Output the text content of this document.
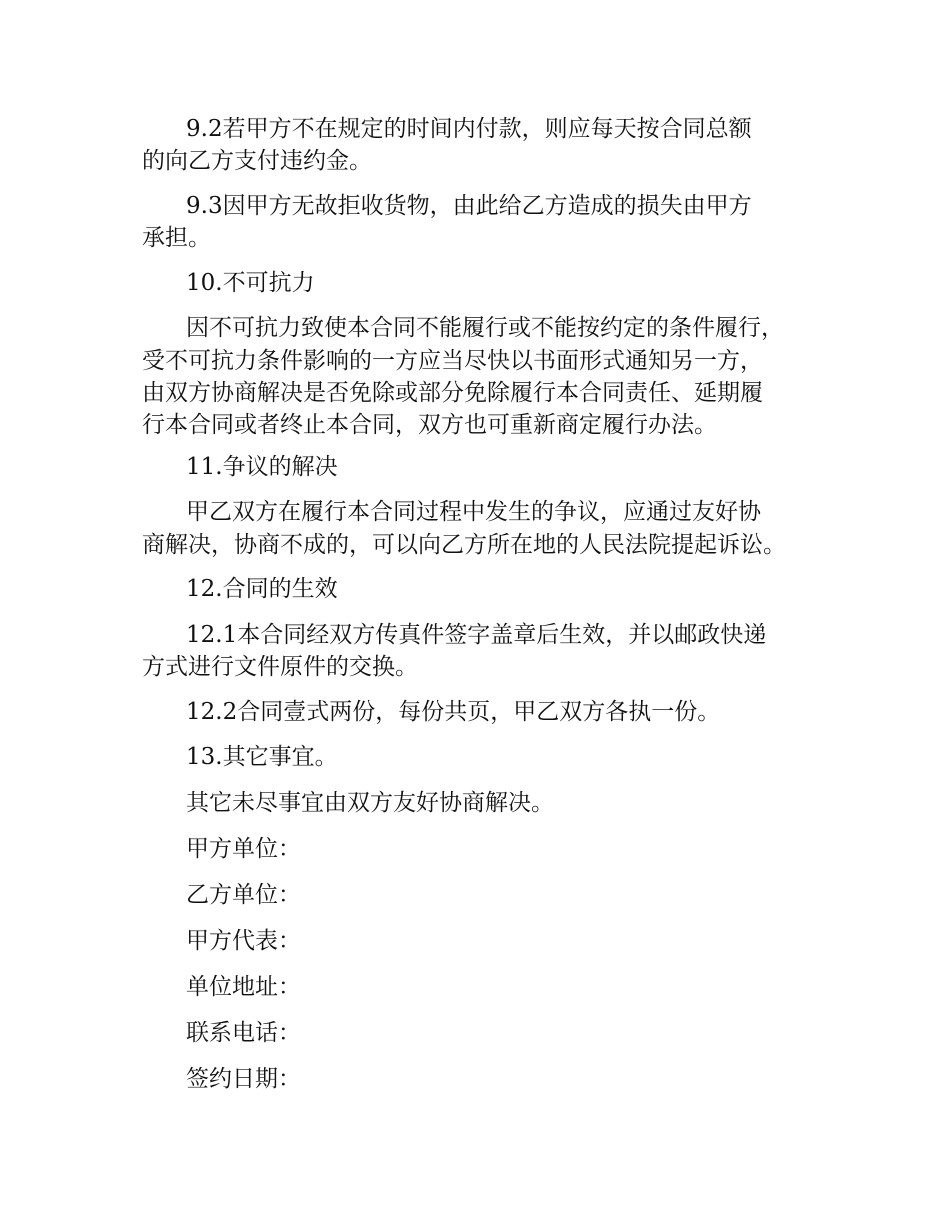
9.2若甲方不在规定的时间内付款，则应每天按合同总额
的向乙方支付违约金。
9.3因甲方无故拒收货物，由此给乙方造成的损失由甲方
承担。
10.不可抗力
因不可抗力致使本合同不能履行或不能按约定的条件履行，
受不可抗力条件影响的一方应当尽快以书面形式通知另一方，
由双方协商解决是否免除或部分免除履行本合同责任、延期履
行本合同或者终止本合同，双方也可重新商定履行办法。
11.争议的解决
甲乙双方在履行本合同过程中发生的争议，应通过友好协
商解决，协商不成的，可以向乙方所在地的人民法院提起诉讼。
12.合同的生效
12.1本合同经双方传真件签字盖章后生效，并以邮政快递
方式进行文件原件的交换。
12.2合同壹式两份，每份共页，甲乙双方各执一份。
13.其它事宜。
其它未尽事宜由双方友好协商解决。
甲方单位：
乙方单位：
甲方代表：
单位地址：
联系电话：
签约日期：
